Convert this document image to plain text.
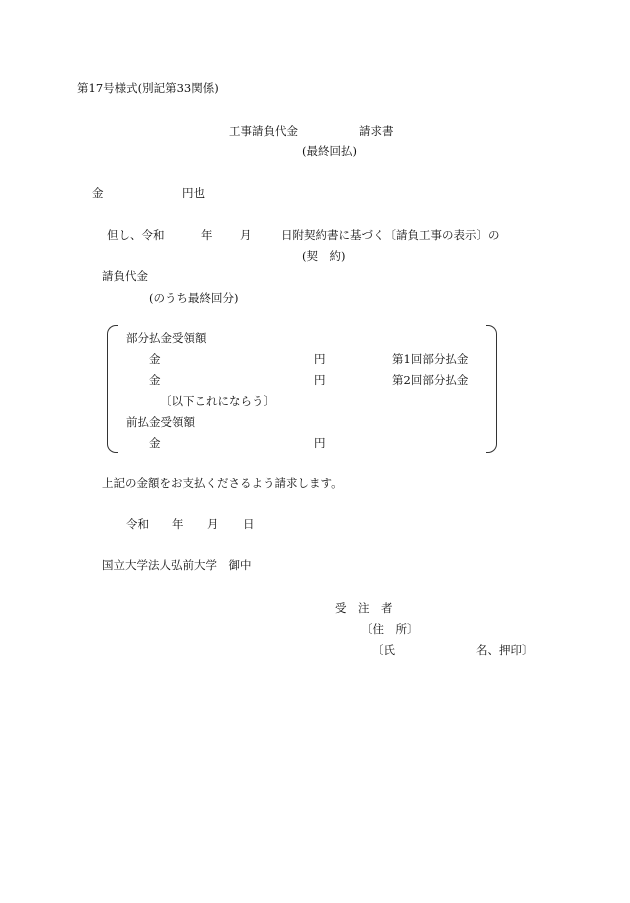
第17号様式(別記第33関係)
工事請負代金	請求書
(最終回払)
金	円也
但し、令和	年 月	日附契約書に基づく〔請負工事の表示〕の
(契　約)
請負代金
(のうち最終回分)
部分払金受領額
金	円	第1回部分払金
金	円	第2回部分払金
〔以下これにならう〕
前払金受領額
金	円
上記の金額をお支払くださるよう請求します。
令和 年 月 日
国立大学法人弘前大学　御中
受　注　者
〔住　所〕
〔氏	名、押印〕
